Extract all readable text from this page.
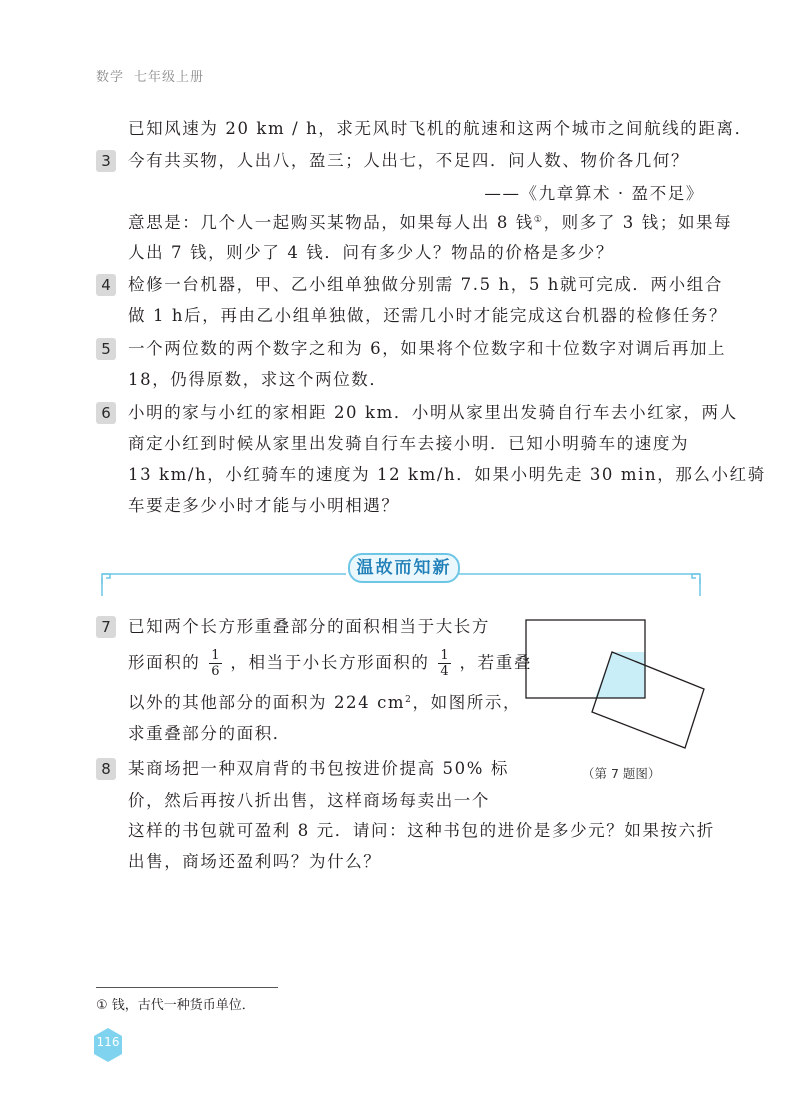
数学 七年级上册
已知风速为 20 km / h，求无风时飞机的航速和这两个城市之间航线的距离．
3	今有共买物，人出八，盈三；人出七，不足四．问人数、物价各几何？
——《九章算术 · 盈不足》
意思是：几个人一起购买某物品，如果每人出 8 钱①，则多了 3 钱；如果每
人出 7 钱，则少了 4 钱．问有多少人？物品的价格是多少？
4	检修一台机器，甲、乙小组单独做分别需 7.5 h，5 h就可完成．两小组合
做 1 h后，再由乙小组单独做，还需几小时才能完成这台机器的检修任务？
5	一个两位数的两个数字之和为 6，如果将个位数字和十位数字对调后再加上
18，仍得原数，求这个两位数．
6	小明的家与小红的家相距 20 km．小明从家里出发骑自行车去小红家，两人
商定小红到时候从家里出发骑自行车去接小明．已知小明骑车的速度为
13 km/h，小红骑车的速度为 12 km/h．如果小明先走 30 min，那么小红骑
车要走多少小时才能与小明相遇？
温故而知新
7	已知两个长方形重叠部分的面积相当于大长方
形面积的 $\frac{1}{6}$ ，相当于小长方形面积的 $\frac{1}{4}$ ，若重叠
以外的其他部分的面积为 224 $cm^2$，如图所示，
求重叠部分的面积．
（第 7 题图）
8	某商场把一种双肩背的书包按进价提高 50% 标
价，然后再按八折出售，这样商场每卖出一个
这样的书包就可盈利 8 元．请问：这种书包的进价是多少元？如果按六折
出售，商场还盈利吗？为什么？
① 钱，古代一种货币单位．
116
